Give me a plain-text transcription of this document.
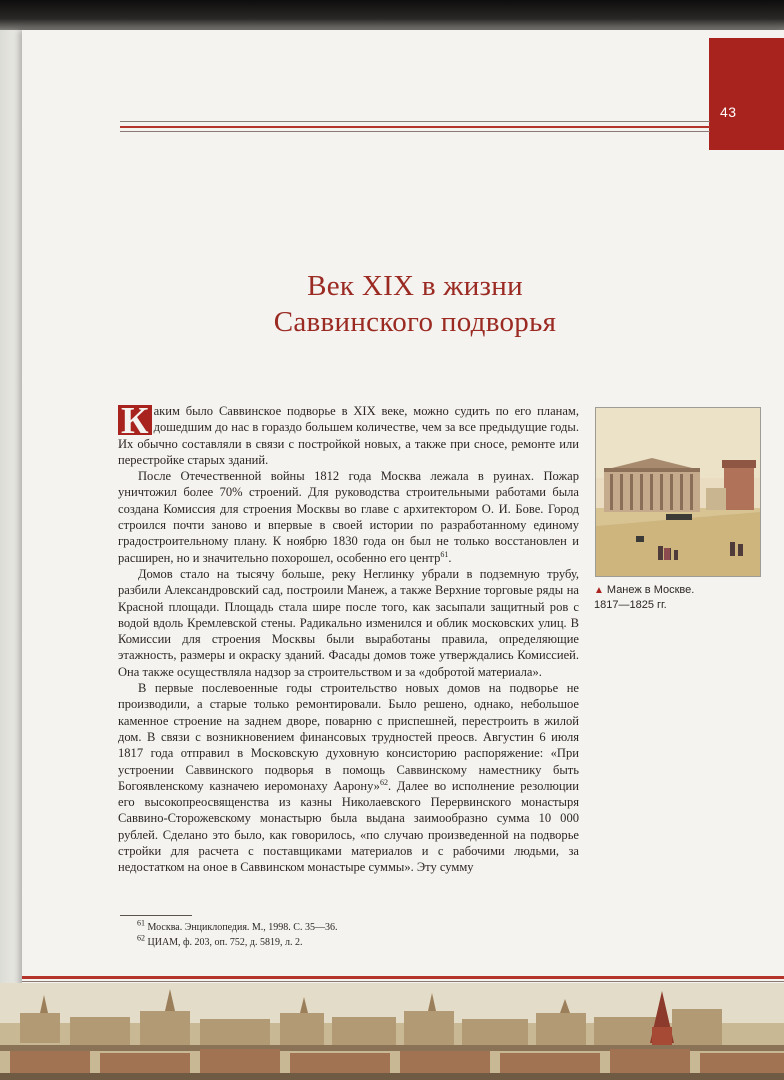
43
Век XIX в жизни
Саввинского подворья

К аким было Саввинское подворье в XIX веке, можно судить по его планам, дошедшим до нас в гораздо большем количестве, чем за все предыдущие годы. Их обычно составляли в связи с постройкой новых, а также при сносе, ремонте или перестройке старых зданий.

После Отечественной войны 1812 года Москва лежала в руинах. Пожар уничтожил более 70% строений. Для руководства строительными работами была создана Комиссия для строения Москвы во главе с архитектором О. И. Бове. Город строился почти заново и впервые в своей истории по разработанному единому градостроительному плану. К ноябрю 1830 года он был не только восстановлен и расширен, но и значительно похорошел, особенно его центр$^{61}$.

Домов стало на тысячу больше, реку Неглинку убрали в подземную трубу, разбили Александровский сад, построили Манеж, а также Верхние торговые ряды на Красной площади. Площадь стала шире после того, как засыпали защитный ров с водой вдоль Кремлевской стены. Радикально изменился и облик московских улиц. В Комиссии для строения Москвы были выработаны правила, определяющие этажность, размеры и окраску зданий. Фасады домов тоже утверждались Комиссией. Она также осуществляла надзор за строительством и за «добротой материала».

В первые послевоенные годы строительство новых домов на подворье не производили, а старые только ремонтировали. Было решено, однако, небольшое каменное строение на заднем дворе, поварню с приспешней, перестроить в жилой дом. В связи с возникновением финансовых трудностей преосв. Августин 6 июля 1817 года отправил в Московскую духовную консисторию распоряжение: «При устроении Саввинского подворья в помощь Саввинскому наместнику быть Богоявленскому казначею иеромонаху Аарону»$^{62}$. Далее во исполнение резолюции его высокопреосвященства из казны Николаевского Перервинского монастыря Саввино-Сторожевскому монастырю была выдана заимообразно сумма 10 000 рублей. Сделано это было, как говорилось, «по случаю произведенной на подворье стройки для расчета с поставщиками материалов и с рабочими людьми, за недостатком на оное в Саввинском монастыре суммы». Эту сумму

▲ Манеж в Москве.
1817—1825 гг.

$^{61}$ Москва. Энциклопедия. М., 1998. С. 35—36.

$^{62}$ ЦИАМ, ф. 203, оп. 752, д. 5819, л. 2.
